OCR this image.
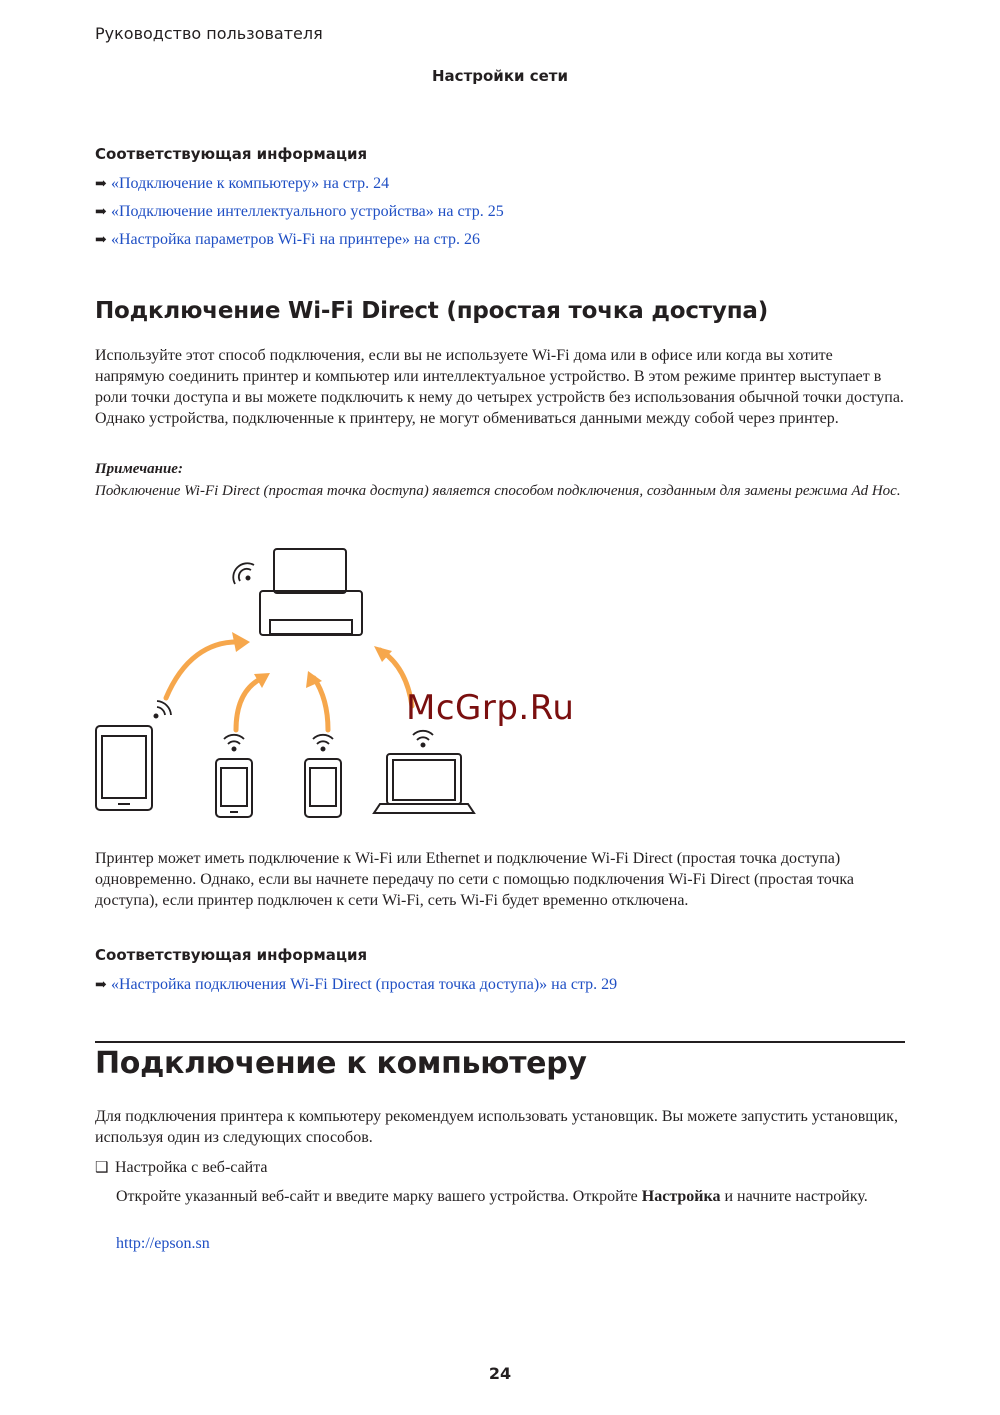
Руководство пользователя
Настройки сети
Соответствующая информация
➡ «Подключение к компьютеру» на стр. 24
➡ «Подключение интеллектуального устройства» на стр. 25
➡ «Настройка параметров Wi-Fi на принтере» на стр. 26
Подключение Wi-Fi Direct (простая точка доступа)
Используйте этот способ подключения, если вы не используете Wi-Fi дома или в офисе или когда вы хотите напрямую соединить принтер и компьютер или интеллектуальное устройство. В этом режиме принтер выступает в роли точки доступа и вы можете подключить к нему до четырех устройств без использования обычной точки доступа. Однако устройства, подключенные к принтеру, не могут обмениваться данными между собой через принтер.
Примечание:
Подключение Wi-Fi Direct (простая точка доступа) является способом подключения, созданным для замены режима Ad Hoc.
McGrp.Ru
Принтер может иметь подключение к Wi-Fi или Ethernet и подключение Wi-Fi Direct (простая точка доступа) одновременно. Однако, если вы начнете передачу по сети с помощью подключения Wi-Fi Direct (простая точка доступа), если принтер подключен к сети Wi-Fi, сеть Wi-Fi будет временно отключена.
Соответствующая информация
➡ «Настройка подключения Wi-Fi Direct (простая точка доступа)» на стр. 29
Подключение к компьютеру
Для подключения принтера к компьютеру рекомендуем использовать установщик. Вы можете запустить установщик, используя один из следующих способов.
❑ Настройка с веб-сайта
Откройте указанный веб-сайт и введите марку вашего устройства. Откройте Настройка и начните настройку.
http://epson.sn
24
